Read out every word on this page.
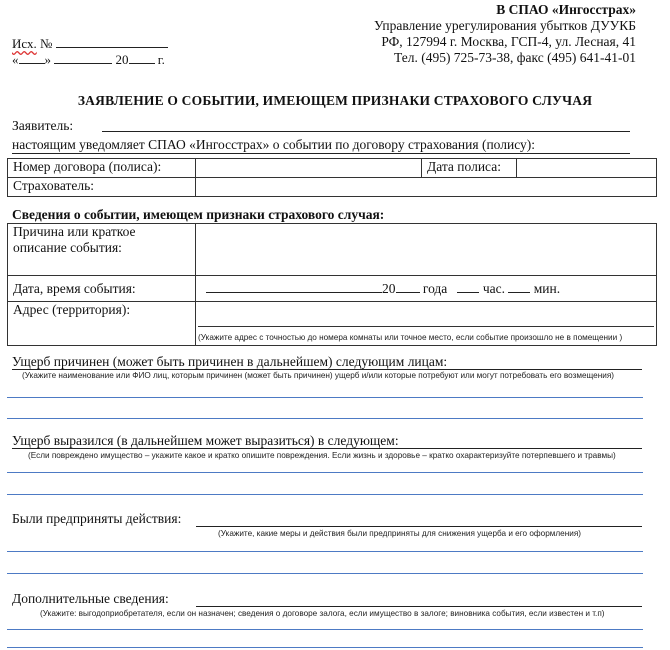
В СПАО «Ингосстрах»
Управление урегулирования убытков ДУУКБ
РФ, 127994 г. Москва, ГСП-4, ул. Лесная, 41
Тел. (495) 725-73-38, факс (495) 641-41-01
Исх. №
« »	20 г.
ЗАЯВЛЕНИЕ О СОБЫТИИ, ИМЕЮЩЕМ ПРИЗНАКИ СТРАХОВОГО СЛУЧАЯ
Заявитель:
настоящим уведомляет СПАО «Ингосстрах» о событии по договору страхования (полису):
Номер договора (полиса):		Дата полиса:	
Страхователь:			
Сведения о событии, имеющем признаки страхового случая:
Причина или краткое описание события:	
Дата, время события:	20 года час. мин.
Адрес (территория):	(Укажите адрес с точностью до номера комнаты или точное место, если событие произошло не в помещении )
Ущерб причинен (может быть причинен в дальнейшем) следующим лицам:
(Укажите наименование или ФИО лиц, которым причинен (может быть причинен) ущерб и/или которые потребуют или могут потребовать его возмещения)
Ущерб выразился (в дальнейшем может выразиться) в следующем:
(Если повреждено имущество – укажите какое и кратко опишите повреждения. Если жизнь и здоровье – кратко охарактеризуйте потерпевшего и травмы)
Были предприняты действия:
(Укажите, какие меры и действия были предприняты для снижения ущерба и его оформления)
Дополнительные сведения:
(Укажите: выгодоприобретателя, если он назначен; сведения о договоре залога, если имущество в залоге; виновника события, если известен и т.п)
